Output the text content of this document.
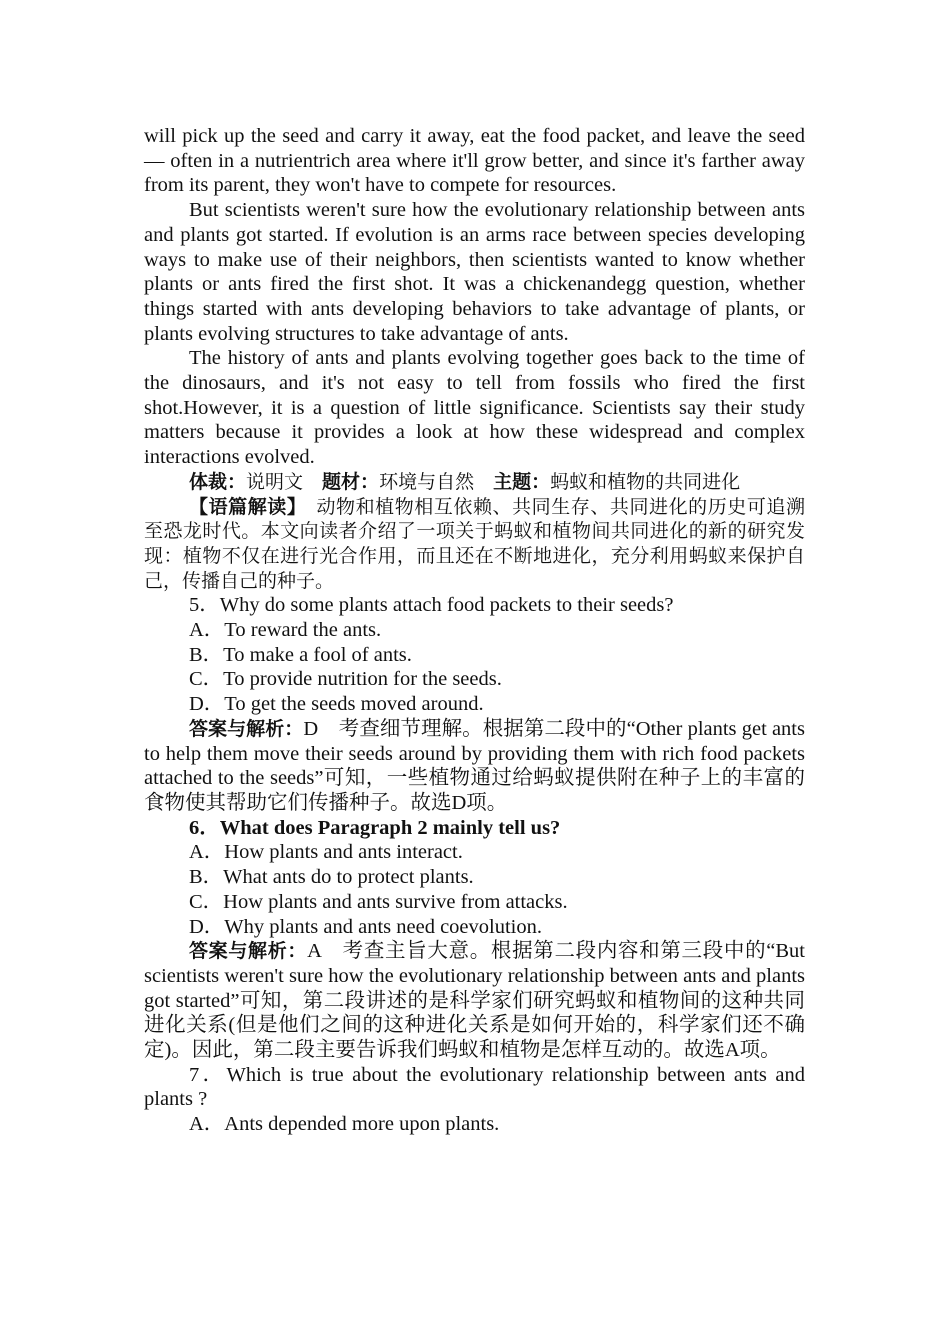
will pick up the seed and carry it away, eat the food packet, and leave the seed — often in a nutrientrich area where it'll grow better, and since it's farther away from its parent, they won't have to compete for resources.

But scientists weren't sure how the evolutionary relationship between ants and plants got started. If evolution is an arms race between species developing ways to make use of their neighbors, then scientists wanted to know whether plants or ants fired the first shot. It was a chickenandegg question, whether things started with ants developing behaviors to take advantage of plants, or plants evolving structures to take advantage of ants.

The history of ants and plants evolving together goes back to the time of the dinosaurs, and it's not easy to tell from fossils who fired the first shot.However, it is a question of little significance. Scientists say their study matters because it provides a look at how these widespread and complex interactions evolved.

体裁：说明文　 题材：环境与自然　 主题：蚂蚁和植物的共同进化

【语篇解读】　 动物和植物相互依赖、共同生存、共同进化的历史可追溯至恐龙时代。本文向读者介绍了一项关于蚂蚁和植物间共同进化的新的研究发现：植物不仅在进行光合作用，而且还在不断地进化，充分利用蚂蚁来保护自己，传播自己的种子。

5．Why do some plants attach food packets to their seeds?

A．To reward the ants.

B．To make a fool of ants.

C．To provide nutrition for the seeds.

D．To get the seeds moved around.

答案与解析：D　考查细节理解。根据第二段中的“Other plants get ants to help them move their seeds around by providing them with rich food packets attached to the seeds”可知，一些植物通过给蚂蚁提供附在种子上的丰富的食物使其帮助它们传播种子。故选D项。

6．What does Paragraph 2 mainly tell us?

A．How plants and ants interact.

B．What ants do to protect plants.

C．How plants and ants survive from attacks.

D．Why plants and ants need coevolution.

答案与解析：A　考查主旨大意。根据第二段内容和第三段中的“But scientists weren't sure how the evolutionary relationship between ants and plants got started”可知，第二段讲述的是科学家们研究蚂蚁和植物间的这种共同进化关系(但是他们之间的这种进化关系是如何开始的，科学家们还不确定)。因此，第二段主要告诉我们蚂蚁和植物是怎样互动的。故选A项。

7．Which is true about the evolutionary relationship between ants and plants ?

A．Ants depended more upon plants.
